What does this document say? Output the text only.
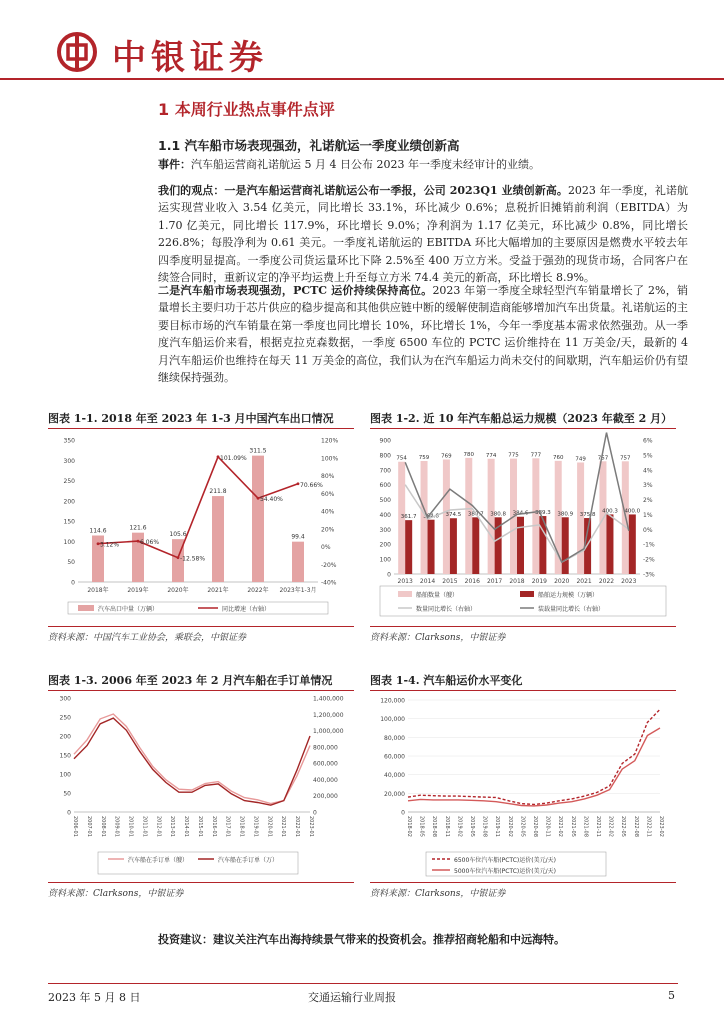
中银证券
1 本周行业热点事件点评
1.1 汽车船市场表现强劲，礼诺航运一季度业绩创新高
事件：汽车船运营商礼诺航运 5 月 4 日公布 2023 年一季度未经审计的业绩。
我们的观点：一是汽车船运营商礼诺航运公布一季报，公司 2023Q1 业绩创新高。2023 年一季度，礼诺航运实现营业收入 3.54 亿美元，同比增长 33.1%，环比减少 0.6%；息税折旧摊销前利润（EBITDA）为 1.70 亿美元，同比增长 117.9%，环比增长 9.0%；净利润为 1.17 亿美元，环比减少 0.8%，同比增长 226.8%；每股净利为 0.61 美元。一季度礼诺航运的 EBITDA 环比大幅增加的主要原因是燃费水平较去年四季度明显提高。一季度公司货运量环比下降 2.5%至 400 万立方米。受益于强劲的现货市场，合同客户在续签合同时，重新议定的净平均运费上升至每立方米 74.4 美元的新高，环比增长 8.9%。
二是汽车船市场表现强劲，PCTC 运价持续保持高位。2023 年第一季度全球轻型汽车销量增长了 2%，销量增长主要归功于芯片供应的稳步提高和其他供应链中断的缓解使制造商能够增加汽车出货量。礼诺航运的主要目标市场的汽车销量在第一季度也同比增长 10%，环比增长 1%，今年一季度基本需求依然强劲。从一季度汽车船运价来看，根据克拉克森数据，一季度 6500 车位的 PCTC 运价维持在 11 万美金/天，最新的 4 月汽车船运价也维持在每天 11 万美金的高位，我们认为在汽车船运力尚未交付的间歇期，汽车船运价仍有望继续保持强劲。
图表 1-1. 2018 年至 2023 年 1-3 月中国汽车出口情况
350
300
250
200
150
100
50
0
120%
100%
80%
60%
40%
20%
0%
-20%
-40%
114.6
2018年
121.6
2019年
105.6
2020年
211.8
2021年
311.5
2022年
99.4
2023年1-3月
3.12%	6.06%
-12.58%
101.09%
54.40%
70.66%
汽车出口中量（万辆）	同比增速（右轴）
资料来源：中国汽车工业协会，乘联会，中银证券
图表 1-2. 近 10 年汽车船总运力规模（2023 年截至 2 月）
900
800
700
600
500
400
300
200
100
0
6%
5%
4%
3%
2%
1%
0%
-1%
-2%
-3%
754
361.7
2013
759
364.6
2014
769
374.5
2015
780
380.7
2016
774
380.8
2017
775
384.6
2018
777
389.3
2019
760
380.9
2020
749
375.8
2021
757
400.3
2022
757
400.0
2023
船舶数量（艘）	船舶运力规模（万辆）
数量同比增长（右轴）	装载量同比增长（右轴）
资料来源：Clarksons，中银证券
图表 1-3. 2006 年至 2023 年 2 月汽车船在手订单情况
300
250
200
150
100
50
0
1,400,000
1,200,000
1,000,000
800,000
600,000
400,000
200,000
0
2006-01 2007-01 2008-01 2009-01 2010-01 2011-01 2012-01 2013-01 2014-01 2015-01 2016-01 2017-01 2018-01 2019-01 2020-01 2021-01 2022-01 2023-01
汽车船在手订单（艘）	汽车船在手订单（万）
资料来源：Clarksons，中银证券
图表 1-4. 汽车船运价水平变化
120,000
100,000
80,000
60,000
40,000
20,000
0
2018-02 2018-05 2018-08 2018-11 2019-02 2019-05 2019-08 2019-11 2020-02 2020-05 2020-08 2020-11 2021-02 2021-05 2021-08 2021-11 2022-02 2022-05 2022-08 2022-11 2023-02
6500车位汽车船(PCTC)运价(美元/天)
5000车位汽车船(PCTC)运价(美元/天)
资料来源：Clarksons，中银证券
投资建议：建议关注汽车出海持续景气带来的投资机会。推荐招商轮船和中远海特。
2023 年 5 月 8 日	交通运输行业周报	5
